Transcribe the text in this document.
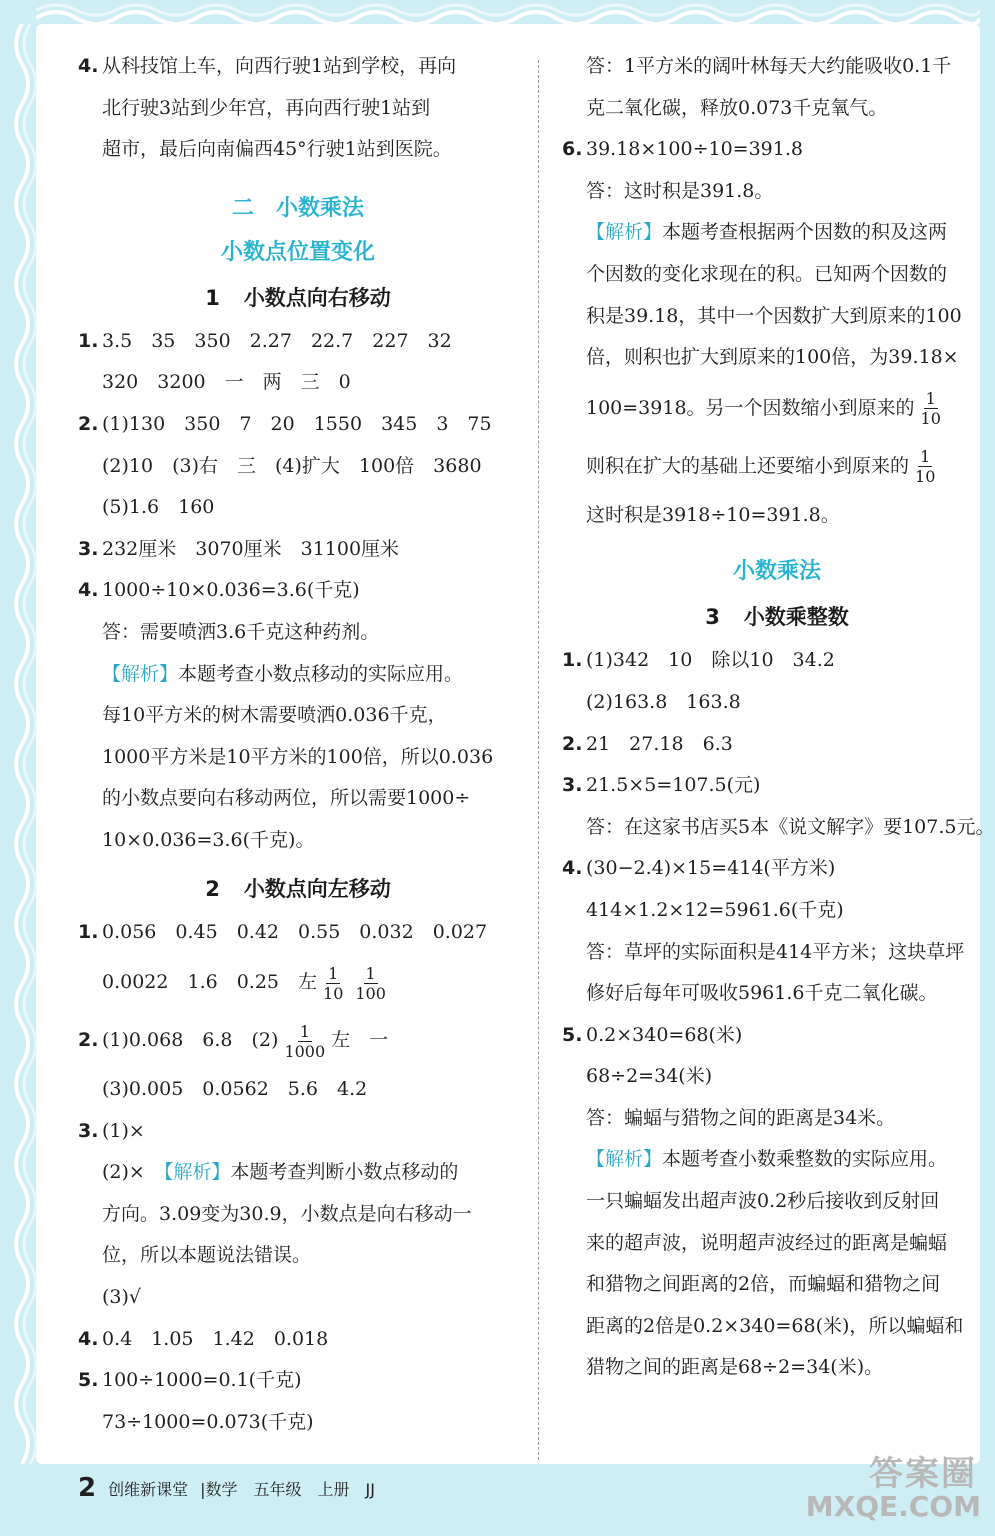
4. 从科技馆上车，向西行驶1站到学校，再向
北行驶3站到少年宫，再向西行驶1站到
超市，最后向南偏西45°行驶1站到医院。
二　小数乘法
小数点位置变化
1 小数点向右移动
1. 3.5　35　350　2.27　22.7　227　32
320　3200　一　两　三　0
2. (1)130　350　7　20　1550　345　3　75
(2)10　(3)右　三　(4)扩大　100倍　3680
(5)1.6　160
3. 232厘米　3070厘米　31100厘米
4. 1000÷10×0.036=3.6(千克)
答：需要喷洒3.6千克这种药剂。
【解析】本题考查小数点移动的实际应用。
每10平方米的树木需要喷洒0.036千克，
1000平方米是10平方米的100倍，所以0.036
的小数点要向右移动两位，所以需要1000÷
10×0.036=3.6(千克)。
2 小数点向左移动
1. 0.056　0.45　0.42　0.55　0.032　0.027
0.0022　1.6　0.25　左 $\frac{1}{10} \frac{1}{100}$
2. (1)0.068　6.8　$(2) \frac{1}{1000}$ 左　一
(3)0.005　0.0562　5.6　4.2
3. (1)×
(2)×　【解析】本题考查判断小数点移动的
方向。3.09变为30.9，小数点是向右移动一
位，所以本题说法错误。
(3)√
4. 0.4　1.05　1.42　0.018
5. 100÷1000=0.1(千克)
73÷1000=0.073(千克)
答：1平方米的阔叶林每天大约能吸收0.1千
克二氧化碳，释放0.073千克氧气。
6. 39.18×100÷10=391.8
答：这时积是391.8。
【解析】本题考查根据两个因数的积及这两
个因数的变化求现在的积。已知两个因数的
积是39.18，其中一个因数扩大到原来的100
倍，则积也扩大到原来的100倍，为39.18×
100=3918。另一个因数缩小到原来的 $\frac{1}{10}$
则积在扩大的基础上还要缩小到原来的 $\frac{1}{10}$
这时积是3918÷10=391.8。
小数乘法
3 小数乘整数
1. (1)342　10　除以10　34.2
(2)163.8　163.8
2. 21　27.18　6.3
3. 21.5×5=107.5(元)
答：在这家书店买5本《说文解字》要107.5元。
4. (30−2.4)×15=414(平方米)
414×1.2×12=5961.6(千克)
答：草坪的实际面积是414平方米；这块草坪
修好后每年可吸收5961.6千克二氧化碳。
5. 0.2×340=68(米)
68÷2=34(米)
答：蝙蝠与猎物之间的距离是34米。
【解析】本题考查小数乘整数的实际应用。
一只蝙蝠发出超声波0.2秒后接收到反射回
来的超声波，说明超声波经过的距离是蝙蝠
和猎物之间距离的2倍，而蝙蝠和猎物之间
距离的2倍是0.2×340=68(米)，所以蝙蝠和
猎物之间的距离是68÷2=34(米)。
2 创维新课堂 |数学　五年级　上册　JJ	答案圈
MXQE.COM
